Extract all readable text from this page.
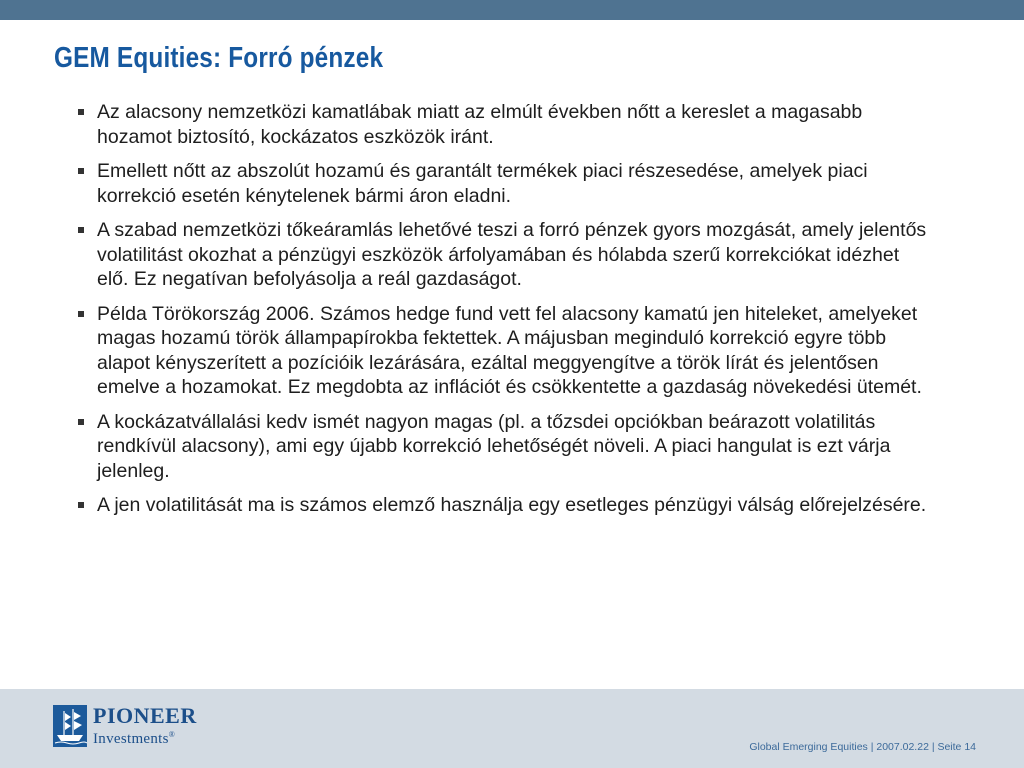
GEM Equities: Forró pénzek
Az alacsony nemzetközi kamatlábak miatt az elmúlt években nőtt a kereslet a magasabb hozamot biztosító, kockázatos eszközök iránt.
Emellett nőtt az abszolút hozamú és garantált termékek piaci részesedése, amelyek piaci korrekció esetén kénytelenek bármi áron eladni.
A szabad nemzetközi tőkeáramlás lehetővé teszi a forró pénzek gyors mozgását, amely jelentős volatilitást okozhat a pénzügyi eszközök árfolyamában és hólabda szerű korrekciókat idézhet elő. Ez negatívan befolyásolja a reál gazdaságot.
Példa Törökország 2006. Számos hedge fund vett fel alacsony kamatú jen hiteleket, amelyeket magas hozamú török állampapírokba fektettek. A májusban meginduló korrekció egyre több alapot kényszerített a pozícióik lezárására, ezáltal meggyengítve a török lírát és jelentősen emelve a hozamokat. Ez megdobta az inflációt és csökkentette a gazdaság növekedési ütemét.
A kockázatvállalási kedv ismét nagyon magas (pl. a tőzsdei opciókban beárazott volatilitás rendkívül alacsony), ami egy újabb korrekció lehetőségét növeli. A piaci hangulat is ezt várja jelenleg.
A jen volatilitását ma is számos elemző használja egy esetleges pénzügyi válság előrejelzésére.
PIONEER
Investments®
Global Emerging Equities | 2007.02.22 | Seite 14
